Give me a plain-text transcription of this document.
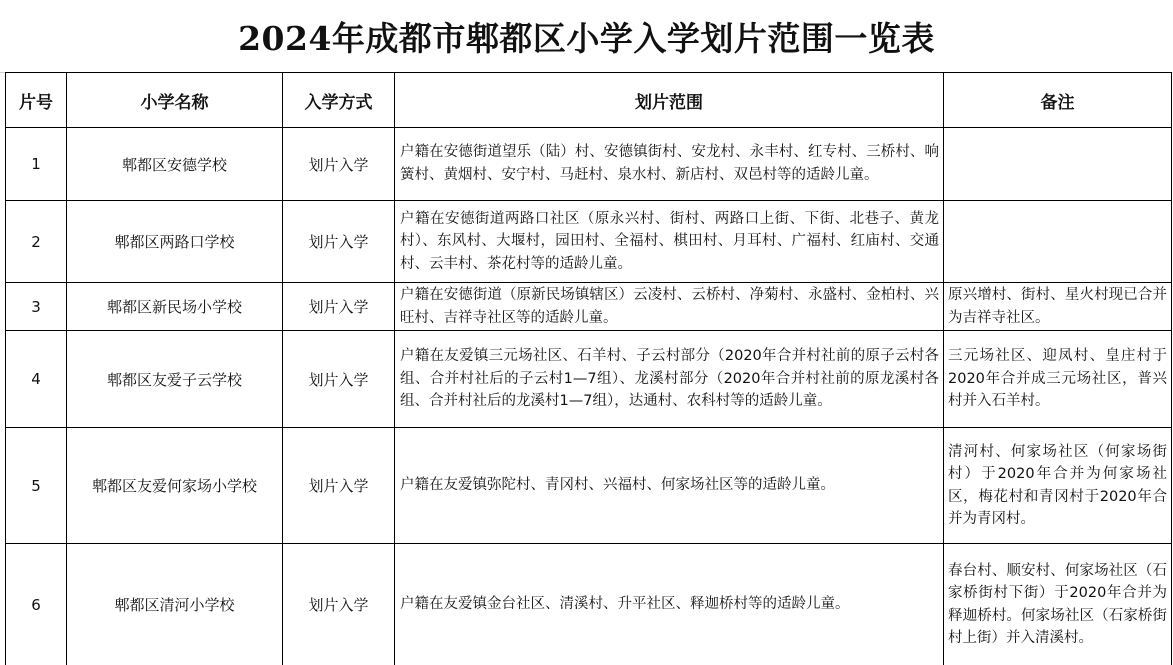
2024年成都市郫都区小学入学划片范围一览表
片号	小学名称	入学方式	划片范围	备注
1	郫都区安德学校	划片入学	户籍在安德街道望乐（陆）村、安德镇街村、安龙村、永丰村、红专村、三桥村、响簧村、黄烟村、安宁村、马赶村、泉水村、新店村、双邑村等的适龄儿童。	
2	郫都区两路口学校	划片入学	户籍在安德街道两路口社区（原永兴村、街村、两路口上街、下街、北巷子、黄龙村）、东风村、大堰村，园田村、全福村、棋田村、月耳村、广福村、红庙村、交通村、云丰村、茶花村等的适龄儿童。	
3	郫都区新民场小学校	划片入学	户籍在安德街道（原新民场镇辖区）云凌村、云桥村、净菊村、永盛村、金柏村、兴旺村、吉祥寺社区等的适龄儿童。	原兴增村、街村、星火村现已合并为吉祥寺社区。
4	郫都区友爱子云学校	划片入学	户籍在友爱镇三元场社区、石羊村、子云村部分（2020年合并村社前的原子云村各组、合并村社后的子云村1—7组）、龙溪村部分（2020年合并村社前的原龙溪村各组、合并村社后的龙溪村1—7组），达通村、农科村等的适龄儿童。	三元场社区、迎凤村、皇庄村于2020年合并成三元场社区，普兴村并入石羊村。
5	郫都区友爱何家场小学校	划片入学	户籍在友爱镇弥陀村、青冈村、兴福村、何家场社区等的适龄儿童。	清河村、何家场社区（何家场街村）于2020年合并为何家场社区，梅花村和青冈村于2020年合并为青冈村。
6	郫都区清河小学校	划片入学	户籍在友爱镇金台社区、清溪村、升平社区、释迦桥村等的适龄儿童。	春台村、顺安村、何家场社区（石家桥街村下街）于2020年合并为释迦桥村。何家场社区（石家桥街村上街）并入清溪村。
